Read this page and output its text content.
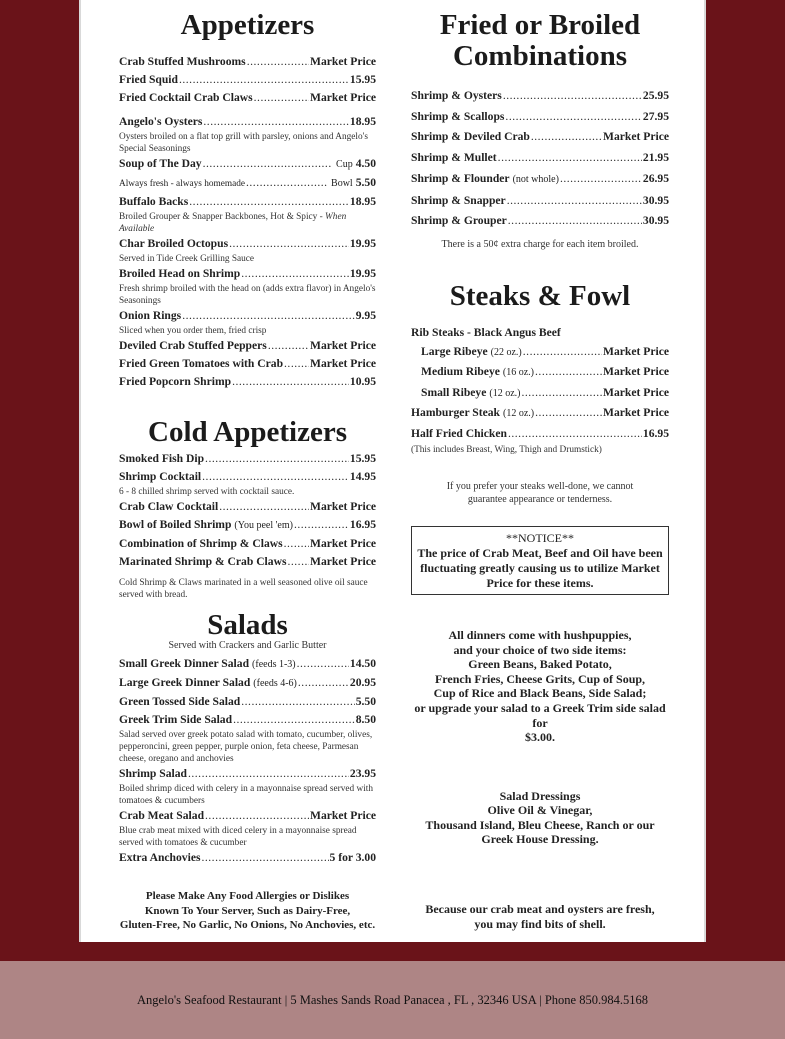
Appetizers
Crab Stuffed Mushrooms .....	Market Price
Fried Squid .....	15.95
Fried Cocktail Crab Claws .....	Market Price
Angelo's Oysters .....	18.95
Oysters broiled on a flat top grill with parsley, onions and Angelo's Special Seasonings
Soup of The Day .....	Cup 4.50
Always fresh - always homemade .....	Bowl 5.50
Buffalo Backs .....	18.95
Broiled Grouper & Snapper Backbones, Hot & Spicy - When Available
Char Broiled Octopus .....	19.95
Served in Tide Creek Grilling Sauce
Broiled Head on Shrimp .....	19.95
Fresh shrimp broiled with the head on (adds extra flavor) in Angelo's Seasonings
Onion Rings .....	9.95
Sliced when you order them, fried crisp
Deviled Crab Stuffed Peppers .....	Market Price
Fried Green Tomatoes with Crab ..... Market Price
Fried Popcorn Shrimp .....	10.95
Cold Appetizers
Smoked Fish Dip .....	15.95
Shrimp Cocktail .....	14.95
6 - 8 chilled shrimp served with cocktail sauce.
Crab Claw Cocktail .....	Market Price
Bowl of Boiled Shrimp (You peel 'em) .....	16.95
Combination of Shrimp & Claws ..... Market Price
Marinated Shrimp & Crab Claws ..... Market Price
Cold Shrimp & Claws marinated in a well seasoned olive oil sauce served with bread.
Salads
Served with Crackers and Garlic Butter
Small Greek Dinner Salad (feeds 1-3) .....	14.50
Large Greek Dinner Salad (feeds 4-6) .....	20.95
Green Tossed Side Salad .....	5.50
Greek Trim Side Salad .....	8.50
Salad served over greek potato salad with tomato, cucumber, olives, pepperoncini, green pepper, purple onion, feta cheese, Parmesan cheese, oregano and anchovies
Shrimp Salad .....	23.95
Boiled shrimp diced with celery in a mayonnaise spread served with tomatoes & cucumbers
Crab Meat Salad .....	Market Price
Blue crab meat mixed with diced celery in a mayonnaise spread served with tomatoes & cucumber
Extra Anchovies .....	5 for 3.00
Please Make Any Food Allergies or Dislikes
Known To Your Server, Such as Dairy-Free,
Gluten-Free, No Garlic, No Onions, No Anchovies, etc.
Fried or Broiled
Combinations
Shrimp & Oysters .....	25.95
Shrimp & Scallops .....	27.95
Shrimp & Deviled Crab .....	Market Price
Shrimp & Mullet .....	21.95
Shrimp & Flounder (not whole) .....	26.95
Shrimp & Snapper .....	30.95
Shrimp & Grouper .....	30.95
There is a 50¢ extra charge for each item broiled.
Steaks & Fowl
Rib Steaks - Black Angus Beef
Large Ribeye (22 oz.) .....	Market Price
Medium Ribeye (16 oz.) .....	Market Price
Small Ribeye (12 oz.) .....	Market Price
Hamburger Steak (12 oz.) .....	Market Price
Half Fried Chicken .....	16.95
(This includes Breast, Wing, Thigh and Drumstick)
If you prefer your steaks well-done, we cannot guarantee appearance or tenderness.
**NOTICE**
The price of Crab Meat, Beef and Oil have been fluctuating greatly causing us to utilize Market Price for these items.
All dinners come with hushpuppies,
and your choice of two side items:
Green Beans, Baked Potato,
French Fries, Cheese Grits, Cup of Soup,
Cup of Rice and Black Beans, Side Salad;
or upgrade your salad to a Greek Trim side salad for
$3.00.
Salad Dressings
Olive Oil & Vinegar,
Thousand Island, Bleu Cheese, Ranch or our
Greek House Dressing.
Because our crab meat and oysters are fresh,
you may find bits of shell.
Angelo's Seafood Restaurant | 5 Mashes Sands Road Panacea , FL , 32346 USA | Phone 850.984.5168
